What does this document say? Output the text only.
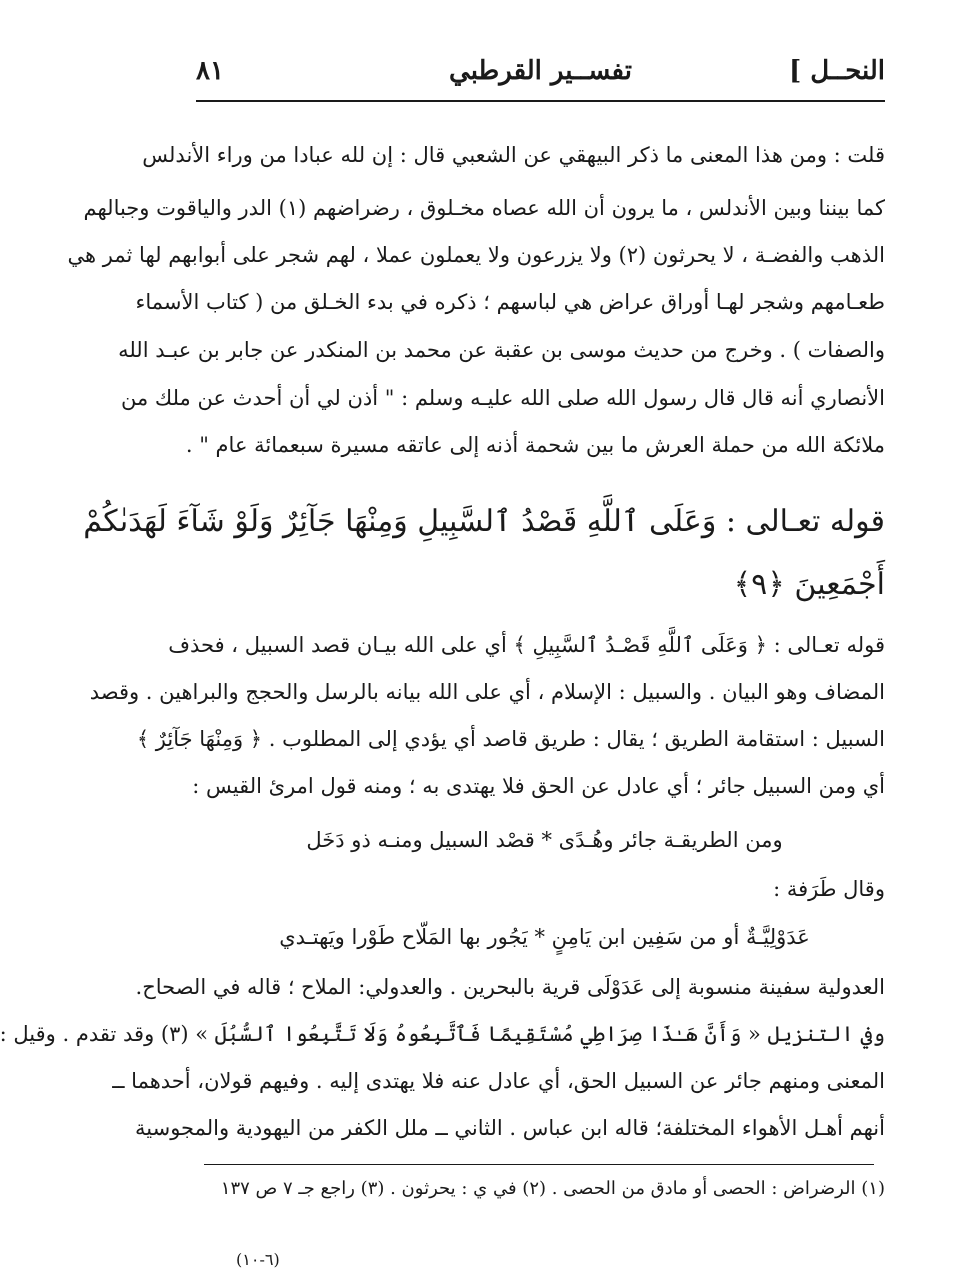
النحــل ]
تفســير القرطبي
٨١
قلت : ومن هذا المعنى ما ذكر البيهقي عن الشعبي قال : إن لله عبادا من وراء الأندلس
كما بيننا وبين الأندلس ، ما يرون أن الله عصاه مخـلوق ، رضراضهم (١) الدر والياقوت وجبالهم
الذهب والفضـة ، لا يحرثون (٢) ولا يزرعون ولا يعملون عملا ، لهم شجر على أبوابهم لها ثمر هي
طعـامهم وشجر لهـا أوراق عراض هي لباسهم ؛ ذكره في بدء الخـلق من ( كتاب الأسماء
والصفات ) . وخرج من حديث موسى بن عقبة عن محمد بن المنكدر عن جابر بن عبـد الله
الأنصاري أنه قال قال رسول الله صلى الله عليـه وسلم : " أذن لي أن أحدث عن ملك من
ملائكة الله من حملة العرش ما بين شحمة أذنه إلى عاتقه مسيرة سبعمائة عام " .
قوله تعـالى : وَعَلَى ٱللَّهِ قَصْدُ ٱلسَّبِيلِ وَمِنْهَا جَآئِرٌ وَلَوْ شَآءَ لَهَدَىٰكُمْ
أَجْمَعِينَ ﴿٩﴾
قوله تعـالى : ﴿ وَعَلَى ٱللَّهِ قَصْـدُ ٱلسَّبِيلِ ﴾ أي على الله بيـان قصد السبيل ، فحذف
المضاف وهو البيان . والسبيل : الإسلام ، أي على الله بيانه بالرسل والحجج والبراهين . وقصد
السبيل : استقامة الطريق ؛ يقال : طريق قاصد أي يؤدي إلى المطلوب . ﴿ وَمِنْهَا جَآئِرٌ ﴾
أي ومن السبيل جائر ؛ أي عادل عن الحق فلا يهتدى به ؛ ومنه قول امرئ القيس :
ومن الطريقـة جائر وهُـدًى * قصْد السبيل ومنـه ذو دَخَل
وقال طَرَفة :
عَدَوْلِيَّـةٌ أو من سَفِين ابن يَامِنٍ * يَجُور بها المَلّاح طَوْرا ويَهتـدي
العدولية سفينة منسوبة إلى عَدَوْلَى قرية بالبحرين . والعدولي: الملاح ؛ قاله في الصحاح.
وفي التنزيل « وَأَنَّ هَـٰذَا صِرَاطِي مُسْتَقِيمًا فَٱتَّبِعُوهُ وَلَا تَتَّبِعُوا ٱلسُّبُلَ » (٣) وقد تقدم . وقيل :
المعنى ومنهم جائر عن السبيل الحق، أي عادل عنه فلا يهتدى إليه . وفيهم قولان، أحدهما ــ
أنهم أهـل الأهواء المختلفة؛ قاله ابن عباس . الثاني ــ ملل الكفر من اليهودية والمجوسية
(١) الرضراض : الحصى أو مادق من الحصى . (٢) في ي : يحرثون . (٣) راجع جـ ٧ ص ١٣٧
(٦-١٠)
